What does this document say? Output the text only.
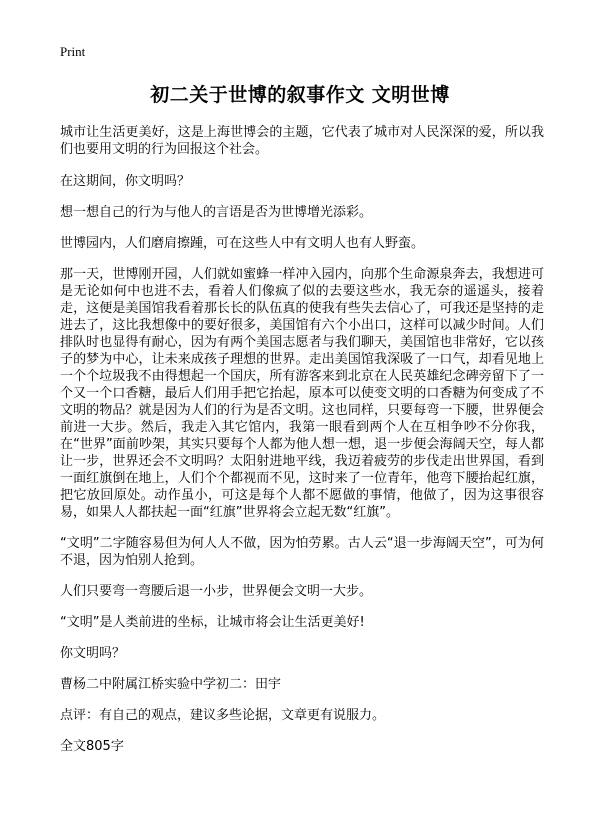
Print
初二关于世博的叙事作文 文明世博

城市让生活更美好，这是上海世博会的主题，它代表了城市对人民深深的爱，所以我们也要用文明的行为回报这个社会。

在这期间，你文明吗？

想一想自己的行为与他人的言语是否为世博增光添彩。

世博园内，人们磨肩擦踵，可在这些人中有文明人也有人野蛮。

那一天，世博刚开园，人们就如蜜蜂一样冲入园内，向那个生命源泉奔去，我想进可是无论如何中也进不去，看着人们像疯了似的去要这些水，我无奈的遥遥头，接着走，这便是美国馆我看着那长长的队伍真的使我有些失去信心了，可我还是坚持的走进去了，这比我想像中的要好很多，美国馆有六个小出口，这样可以减少时间。人们排队时也显得有耐心，因为有两个美国志愿者与我们聊天，美国馆也非常好，它以孩子的梦为中心，让未来成孩子理想的世界。走出美国馆我深吸了一口气，却看见地上一个个垃圾我不由得想起一个国庆，所有游客来到北京在人民英雄纪念碑旁留下了一个又一个口香糖，最后人们用手把它抬起，原本可以使变文明的口香糖为何变成了不文明的物品？就是因为人们的行为是否文明。这也同样，只要每弯一下腰，世界便会前进一大步。然后，我走入其它馆内，我第一眼看到两个人在互相争吵不分你我，在“世界”面前吵架，其实只要每个人都为他人想一想，退一步便会海阔天空，每人都让一步，世界还会不文明吗？太阳射进地平线，我迈着疲劳的步伐走出世界国，看到一面红旗倒在地上，人们个个都视而不见，这时来了一位青年，他弯下腰抬起红旗，把它放回原处。动作虽小，可这是每个人都不愿做的事情，他做了，因为这事很容易，如果人人都扶起一面“红旗”世界将会立起无数“红旗”。

“文明”二字随容易但为何人人不做，因为怕劳累。古人云“退一步海阔天空”，可为何不退，因为怕别人抢到。

人们只要弯一弯腰后退一小步，世界便会文明一大步。

“文明”是人类前进的坐标，让城市将会让生活更美好!

你文明吗？

曹杨二中附属江桥实验中学初二：田宇

点评：有自己的观点，建议多些论据，文章更有说服力。

全文805字
